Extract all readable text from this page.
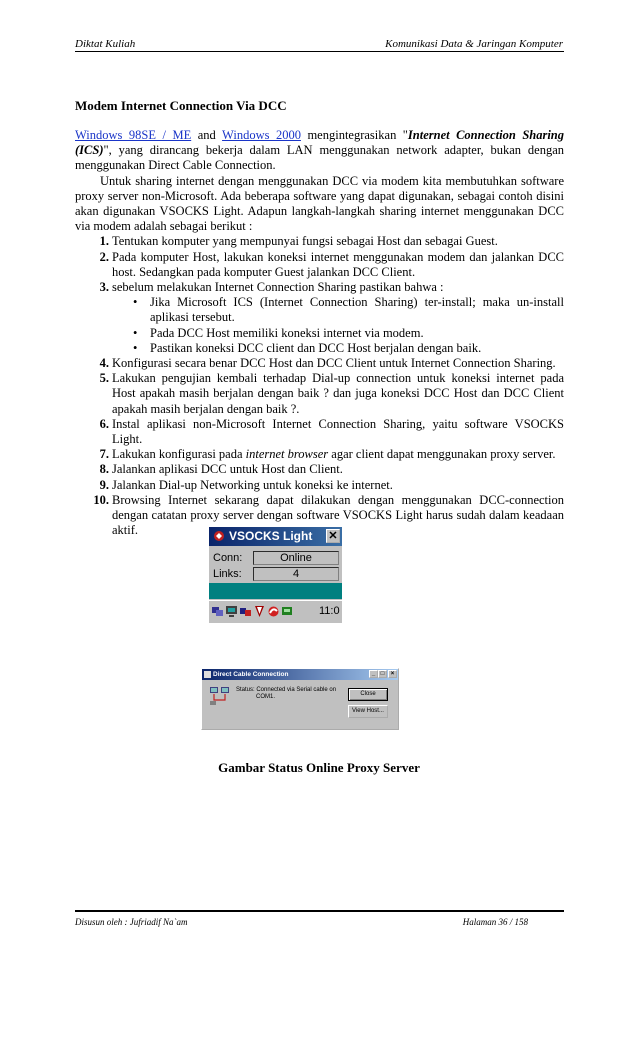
Diktat Kuliah	Komunikasi Data & Jaringan Komputer
Modem Internet Connection Via DCC

Windows 98SE / ME and Windows 2000 mengintegrasikan "Internet Connection Sharing (ICS)", yang dirancang bekerja dalam LAN menggunakan network adapter, bukan dengan menggunakan Direct Cable Connection.

Untuk sharing internet dengan menggunakan DCC via modem kita membutuhkan software proxy server non-Microsoft. Ada beberapa software yang dapat digunakan, sebagai contoh disini akan digunakan VSOCKS Light. Adapun langkah-langkah sharing internet menggunakan DCC via modem adalah sebagai berikut :

1. Tentukan komputer yang mempunyai fungsi sebagai Host dan sebagai Guest.
2. Pada komputer Host, lakukan koneksi internet menggunakan modem dan jalankan DCC host. Sedangkan pada komputer Guest jalankan DCC Client.
3. sebelum melakukan Internet Connection Sharing pastikan bahwa :
• Jika Microsoft ICS (Internet Connection Sharing) ter-install; maka un-install aplikasi tersebut.
• Pada DCC Host memiliki koneksi internet via modem.
• Pastikan koneksi DCC client dan DCC Host berjalan dengan baik.
4. Konfigurasi secara benar DCC Host dan DCC Client untuk Internet Connection Sharing.
5. Lakukan pengujian kembali terhadap Dial-up connection untuk koneksi internet pada Host apakah masih berjalan dengan baik ? dan juga koneksi DCC Host dan DCC Client apakah masih berjalan dengan baik ?.
6. Instal aplikasi non-Microsoft Internet Connection Sharing, yaitu software VSOCKS Light.
7. Lakukan konfigurasi pada internet browser agar client dapat menggunakan proxy server.
8. Jalankan aplikasi DCC untuk Host dan Client.
9. Jalankan Dial-up Networking untuk koneksi ke internet.
10. Browsing Internet sekarang dapat dilakukan dengan menggunakan DCC-connection dengan catatan proxy server dengan software VSOCKS Light harus sudah dalam keadaan aktif.	VSOCKS Light ✕
Conn:	Online
Links:	4
11:0
Direct Cable Connection	_ □	×
Status: Connected via Serial cable on
COM1.	Close
View Host...
Gambar Status Online Proxy Server
Disusun oleh : Jufriadif Na`am	Halaman 36 / 158
